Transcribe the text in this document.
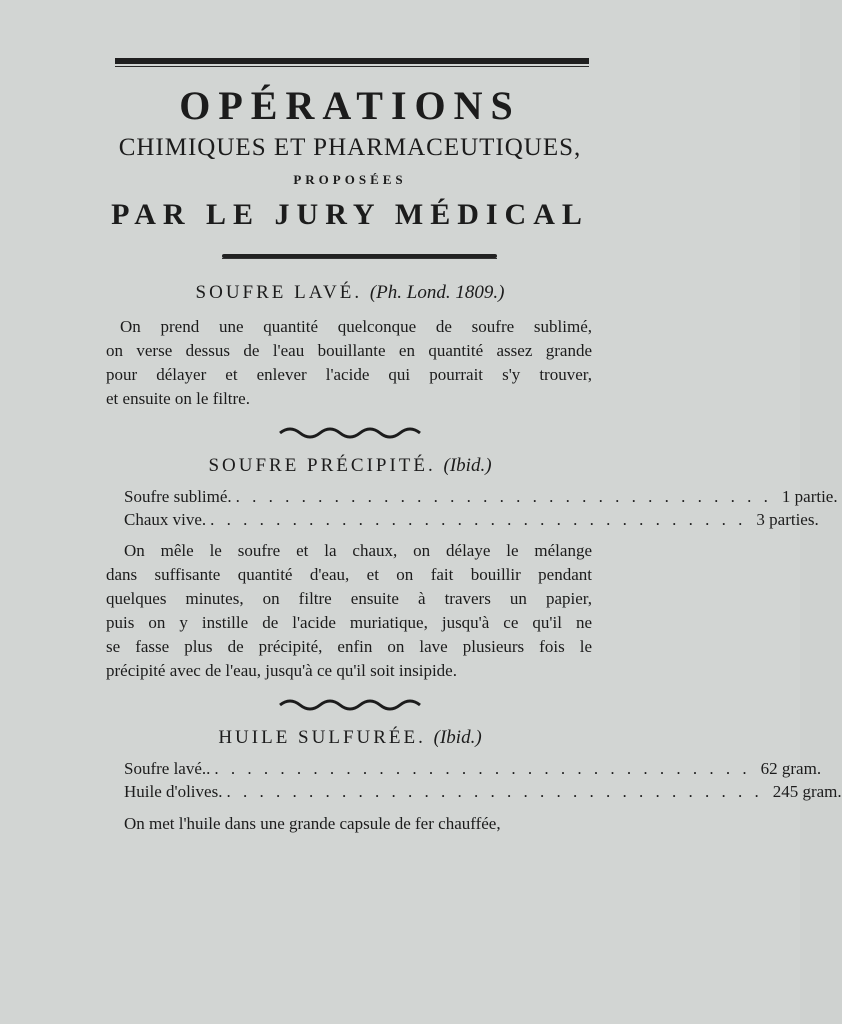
OPÉRATIONS
CHIMIQUES ET PHARMACEUTIQUES,
PROPOSÉES
PAR LE JURY MÉDICAL
SOUFRE LAVÉ. (Ph. Lond. 1809.)
On prend une quantité quelconque de soufre sublimé,
on verse dessus de l'eau bouillante en quantité assez grande
pour délayer et enlever l'acide qui pourrait s'y trouver,
et ensuite on le filtre.
SOUFRE PRÉCIPITÉ. (Ibid.)
Soufre sublimé. . . . . . . . . . . . . . . . . . . . . . . . . . . . . . . . . . 1 partie.
Chaux vive. . . . . . . . . . . . . . . . . . . . . . . . . . . . . . . . . . 3 parties.
On mêle le soufre et la chaux, on délaye le mélange
dans suffisante quantité d'eau, et on fait bouillir pendant
quelques minutes, on filtre ensuite à travers un papier,
puis on y instille de l'acide muriatique, jusqu'à ce qu'il ne
se fasse plus de précipité, enfin on lave plusieurs fois le
précipité avec de l'eau, jusqu'à ce qu'il soit insipide.
HUILE SULFURÉE. (Ibid.)
Soufre lavé.. . . . . . . . . . . . . . . . . . . . . . . . . . . . . . . . . . 62 gram.
Huile d'olives. . . . . . . . . . . . . . . . . . . . . . . . . . . . . . . . . . 245 gram.
On met l'huile dans une grande capsule de fer chauffée,
